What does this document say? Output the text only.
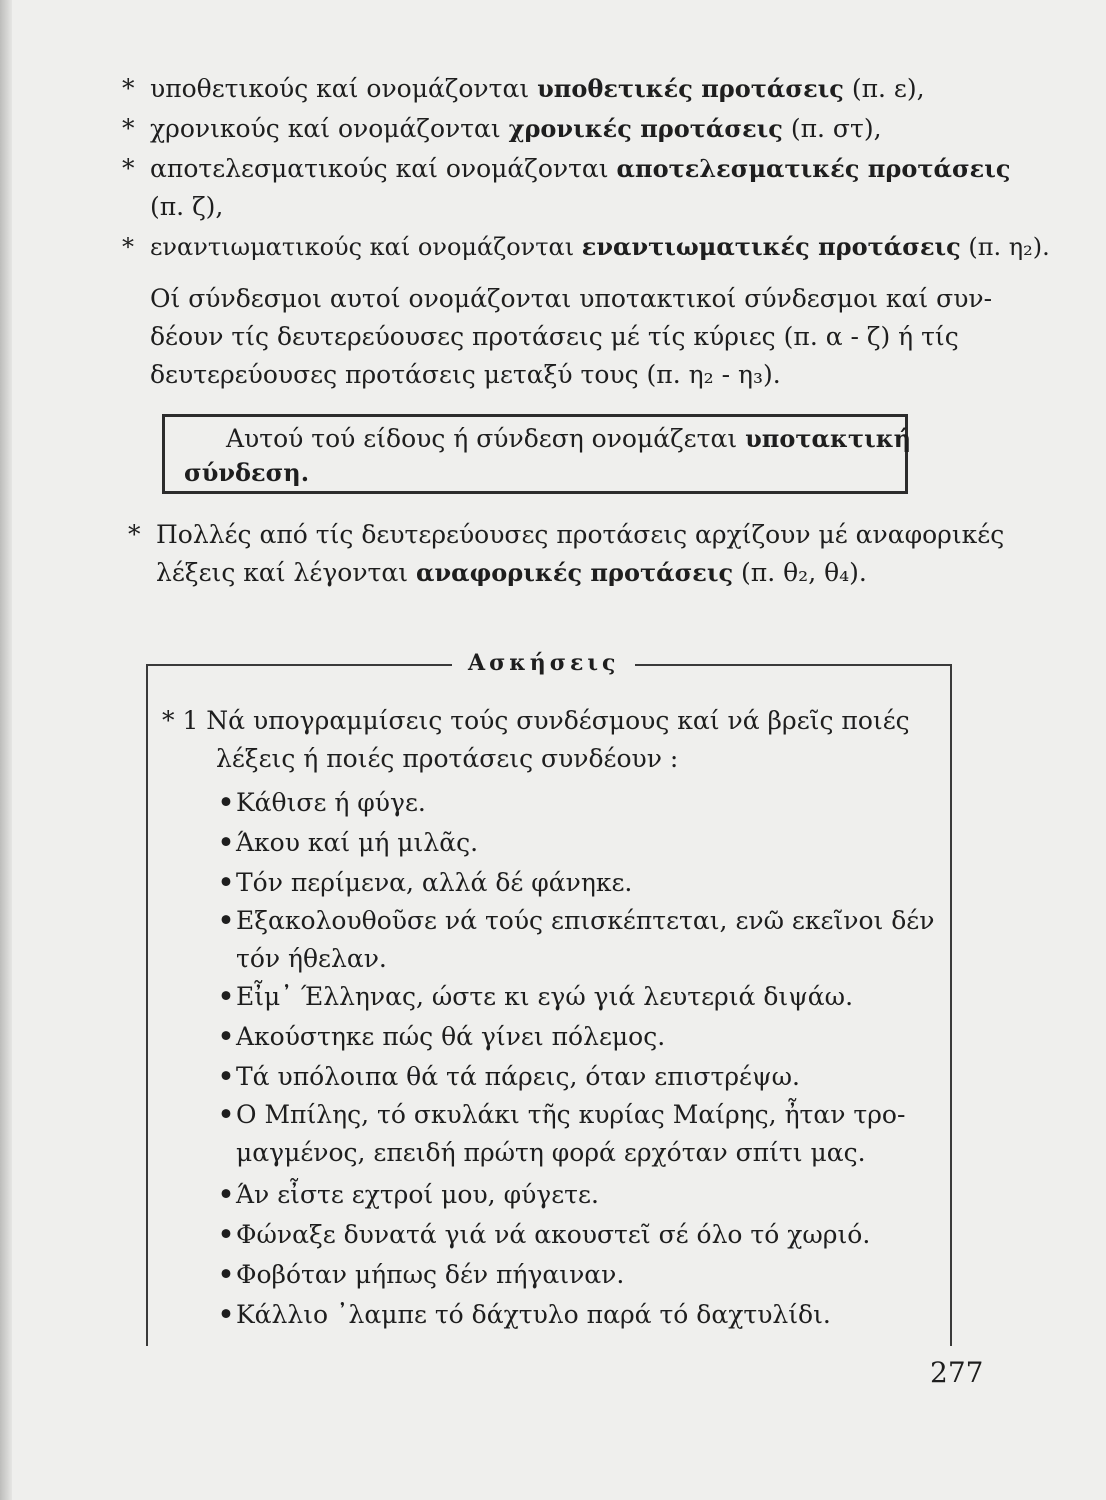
* υποθετικούς καί ονομάζονται υποθετικές προτάσεις (π. ε),
* χρονικούς καί ονομάζονται χρονικές προτάσεις (π. στ),
* αποτελεσματικούς καί ονομάζονται αποτελεσματικές προτάσεις
(π. ζ),
* εναντιωματικούς καί ονομάζονται εναντιωματικές προτάσεις (π. η₂).
Οί σύνδεσμοι αυτοί ονομάζονται υποτακτικοί σύνδεσμοι καί συν-
δέουν τίς δευτερεύουσες προτάσεις μέ τίς κύριες (π. α - ζ) ή τίς
δευτερεύουσες προτάσεις μεταξύ τους (π. η₂ - η₃).
Αυτού τού είδους ή σύνδεση ονομάζεται υποτακτική
σύνδεση.
* Πολλές από τίς δευτερεύουσες προτάσεις αρχίζουν μέ αναφορικές
λέξεις καί λέγονται αναφορικές προτάσεις (π. θ₂, θ₄).
Ασκήσεις
* 1 Νά υπογραμμίσεις τούς συνδέσμους καί νά βρεῖς ποιές
λέξεις ή ποιές προτάσεις συνδέουν :
•Κάθισε ή φύγε.
•Άκου καί μή μιλᾶς.
•Τόν περίμενα, αλλά δέ φάνηκε.
•Εξακολουθοῦσε νά τούς επισκέπτεται, ενῶ εκεῖνοι δέν
τόν ήθελαν.
•Εἶμ᾽ Έλληνας, ώστε κι εγώ γιά λευτεριά διψάω.
•Ακούστηκε πώς θά γίνει πόλεμος.
•Τά υπόλοιπα θά τά πάρεις, όταν επιστρέψω.
•Ο Μπίλης, τό σκυλάκι τῆς κυρίας Μαίρης, ἦταν τρο-
μαγμένος, επειδή πρώτη φορά ερχόταν σπίτι μας.
•Άν εἶστε εχτροί μου, φύγετε.
•Φώναξε δυνατά γιά νά ακουστεῖ σέ όλο τό χωριό.
•Φοβόταν μήπως δέν πήγαιναν.
•Κάλλιο ᾽λαμπε τό δάχτυλο παρά τό δαχτυλίδι.
277
